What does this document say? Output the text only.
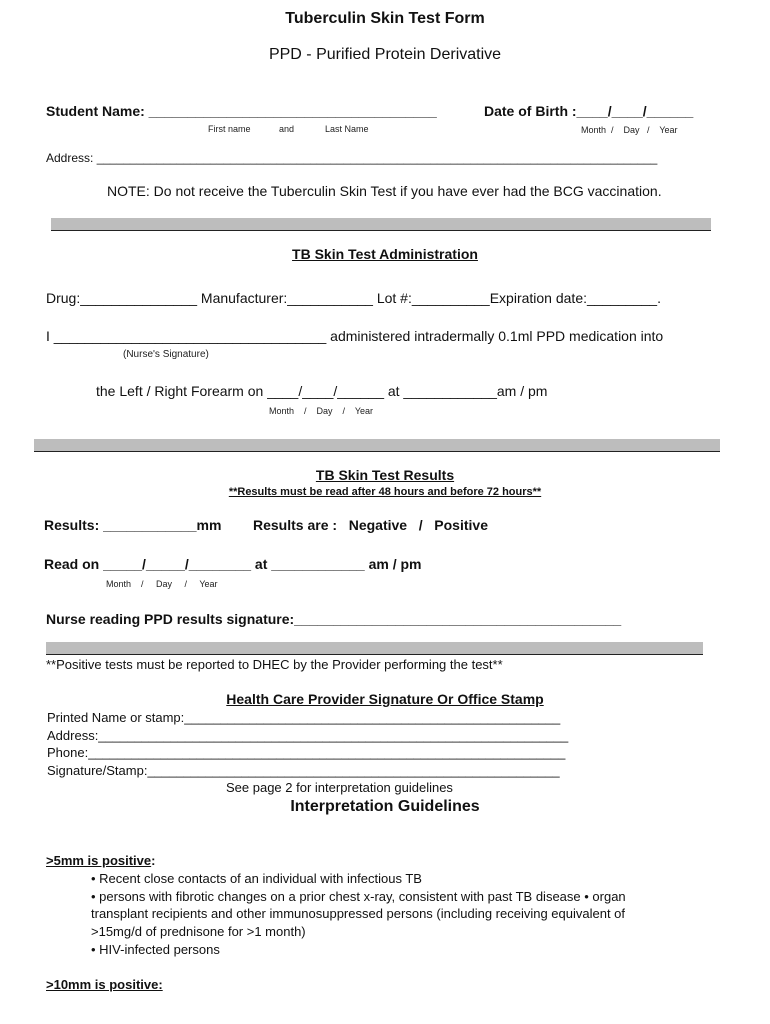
Tuberculin Skin Test Form
PPD - Purified Protein Derivative
Student Name: _____________________________________	Date of Birth :____/____/______
First name	and	Last Name	Month  /    Day   /    Year
Address: ____________________________________________________________________________________
NOTE: Do not receive the Tuberculin Skin Test if you have ever had the BCG vaccination.
TB Skin Test Administration
Drug:_______________ Manufacturer:___________ Lot #:__________Expiration date:_________.
I ___________________________________ administered intradermally 0.1ml PPD medication into
(Nurse's Signature)
the Left / Right Forearm on ____/____/______ at ____________am / pm
Month    /    Day    /    Year
TB Skin Test Results
**Results must be read after 48 hours and before 72 hours**
Results: ____________mm Results are :   Negative   /   Positive
Read on _____/_____/________ at ____________ am / pm
Month    /     Day     /     Year
Nurse reading PPD results signature:__________________________________________
**Positive tests must be reported to DHEC by the Provider performing the test**
Health Care Provider Signature Or Office Stamp
Printed Name or stamp:____________________________________________________
Address:_________________________________________________________________
Phone:__________________________________________________________________
Signature/Stamp:_________________________________________________________
See page 2 for interpretation guidelines
Interpretation Guidelines
>5mm is positive:
• Recent close contacts of an individual with infectious TB
• persons with fibrotic changes on a prior chest x-ray, consistent with past TB disease • organ
transplant recipients and other immunosuppressed persons (including receiving equivalent of
>15mg/d of prednisone for >1 month)
• HIV-infected persons
>10mm is positive:
